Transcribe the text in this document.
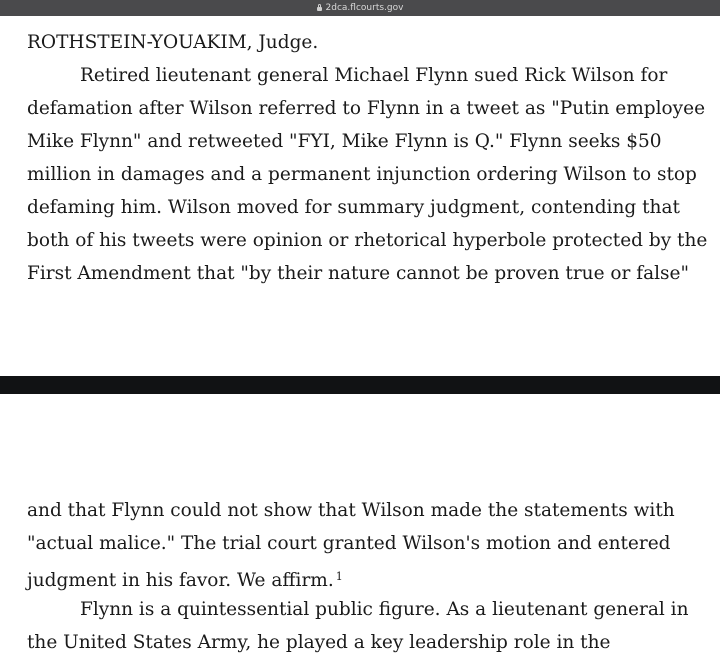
2dca.flcourts.gov
ROTHSTEIN-YOUAKIM, Judge.
Retired lieutenant general Michael Flynn sued Rick Wilson for
defamation after Wilson referred to Flynn in a tweet as "Putin employee
Mike Flynn" and retweeted "FYI, Mike Flynn is Q." Flynn seeks $50
million in damages and a permanent injunction ordering Wilson to stop
defaming him. Wilson moved for summary judgment, contending that
both of his tweets were opinion or rhetorical hyperbole protected by the
First Amendment that "by their nature cannot be proven true or false"
and that Flynn could not show that Wilson made the statements with
"actual malice." The trial court granted Wilson's motion and entered
judgment in his favor. We affirm. $^1$
Flynn is a quintessential public figure. As a lieutenant general in
the United States Army, he played a key leadership role in the
